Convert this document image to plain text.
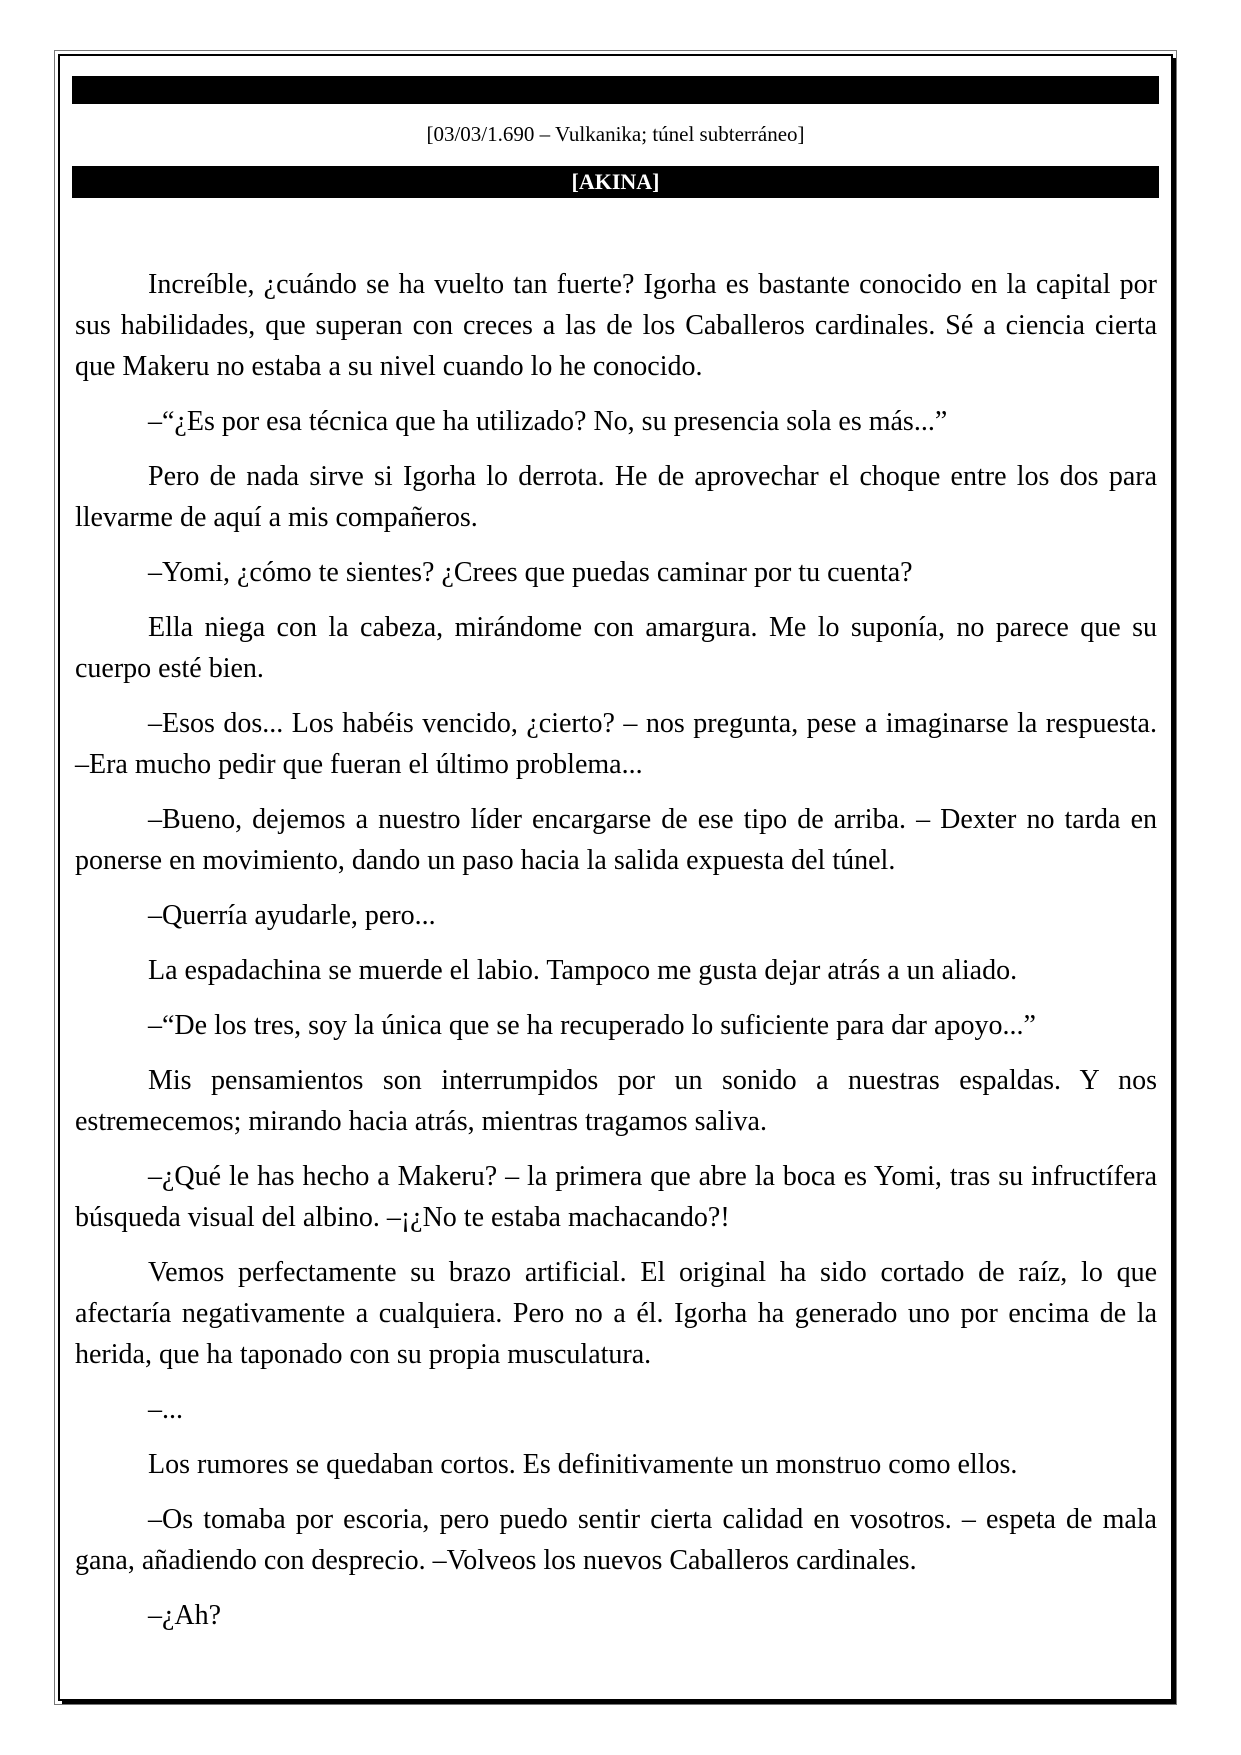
[03/03/1.690 – Vulkanika; túnel subterráneo]
[AKINA]

Increíble, ¿cuándo se ha vuelto tan fuerte? Igorha es bastante conocido en la capital por sus habilidades, que superan con creces a las de los Caballeros cardinales. Sé a ciencia cierta que Makeru no estaba a su nivel cuando lo he conocido.

–“¿Es por esa técnica que ha utilizado? No, su presencia sola es más...”

Pero de nada sirve si Igorha lo derrota. He de aprovechar el choque entre los dos para llevarme de aquí a mis compañeros.

–Yomi, ¿cómo te sientes? ¿Crees que puedas caminar por tu cuenta?

Ella niega con la cabeza, mirándome con amargura. Me lo suponía, no parece que su cuerpo esté bien.

–Esos dos... Los habéis vencido, ¿cierto? – nos pregunta, pese a imaginarse la respuesta. –Era mucho pedir que fueran el último problema...

–Bueno, dejemos a nuestro líder encargarse de ese tipo de arriba. – Dexter no tarda en ponerse en movimiento, dando un paso hacia la salida expuesta del túnel.

–Querría ayudarle, pero...

La espadachina se muerde el labio. Tampoco me gusta dejar atrás a un aliado.

–“De los tres, soy la única que se ha recuperado lo suficiente para dar apoyo...”

Mis pensamientos son interrumpidos por un sonido a nuestras espaldas. Y nos estremecemos; mirando hacia atrás, mientras tragamos saliva.

–¿Qué le has hecho a Makeru? – la primera que abre la boca es Yomi, tras su infructífera búsqueda visual del albino. –¡¿No te estaba machacando?!

Vemos perfectamente su brazo artificial. El original ha sido cortado de raíz, lo que afectaría negativamente a cualquiera. Pero no a él. Igorha ha generado uno por encima de la herida, que ha taponado con su propia musculatura.

–...

Los rumores se quedaban cortos. Es definitivamente un monstruo como ellos.

–Os tomaba por escoria, pero puedo sentir cierta calidad en vosotros. – espeta de mala gana, añadiendo con desprecio. –Volveos los nuevos Caballeros cardinales.

–¿Ah?
